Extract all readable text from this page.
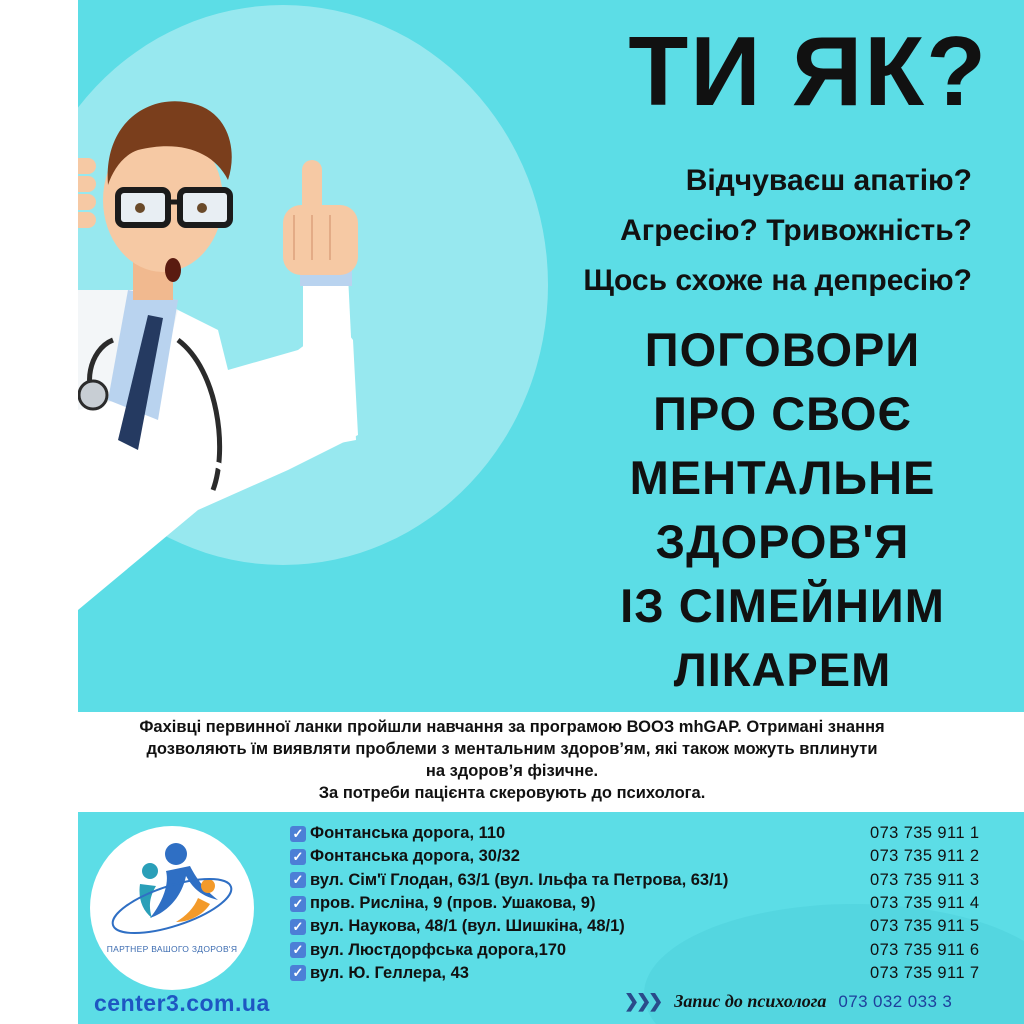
ТИ ЯК?
Відчуваєш апатію?
Агресію? Тривожність?
Щось схоже на депресію?
ПОГОВОРИ
ПРО СВОЄ
МЕНТАЛЬНЕ
ЗДОРОВ'Я
ІЗ СІМЕЙНИМ
ЛІКАРЕМ
Фахівці первинної ланки пройшли навчання за програмою ВООЗ mhGAP. Отримані знання
дозволяють їм виявляти проблеми з ментальним здоров’ям, які також можуть вплинути
на здоров’я фізичне.
За потреби пацієнта скеровують до психолога.
ПАРТНЕР ВАШОГО ЗДОРОВ'Я
center3.com.ua
✓ Фонтанська дорога, 110
✓ Фонтанська дорога, 30/32
✓ вул. Сім'ї Глодан, 63/1 (вул. Ільфа та Петрова, 63/1)
✓ пров. Рисліна, 9 (пров. Ушакова, 9)
✓ вул. Наукова, 48/1 (вул. Шишкіна, 48/1)
✓ вул. Люстдорфська дорога,170
✓ вул. Ю. Геллера, 43
073 735 911 1
073 735 911 2
073 735 911 3
073 735 911 4
073 735 911 5
073 735 911 6
073 735 911 7
❯❯❯ Запис до психолога 073 032 033 3
